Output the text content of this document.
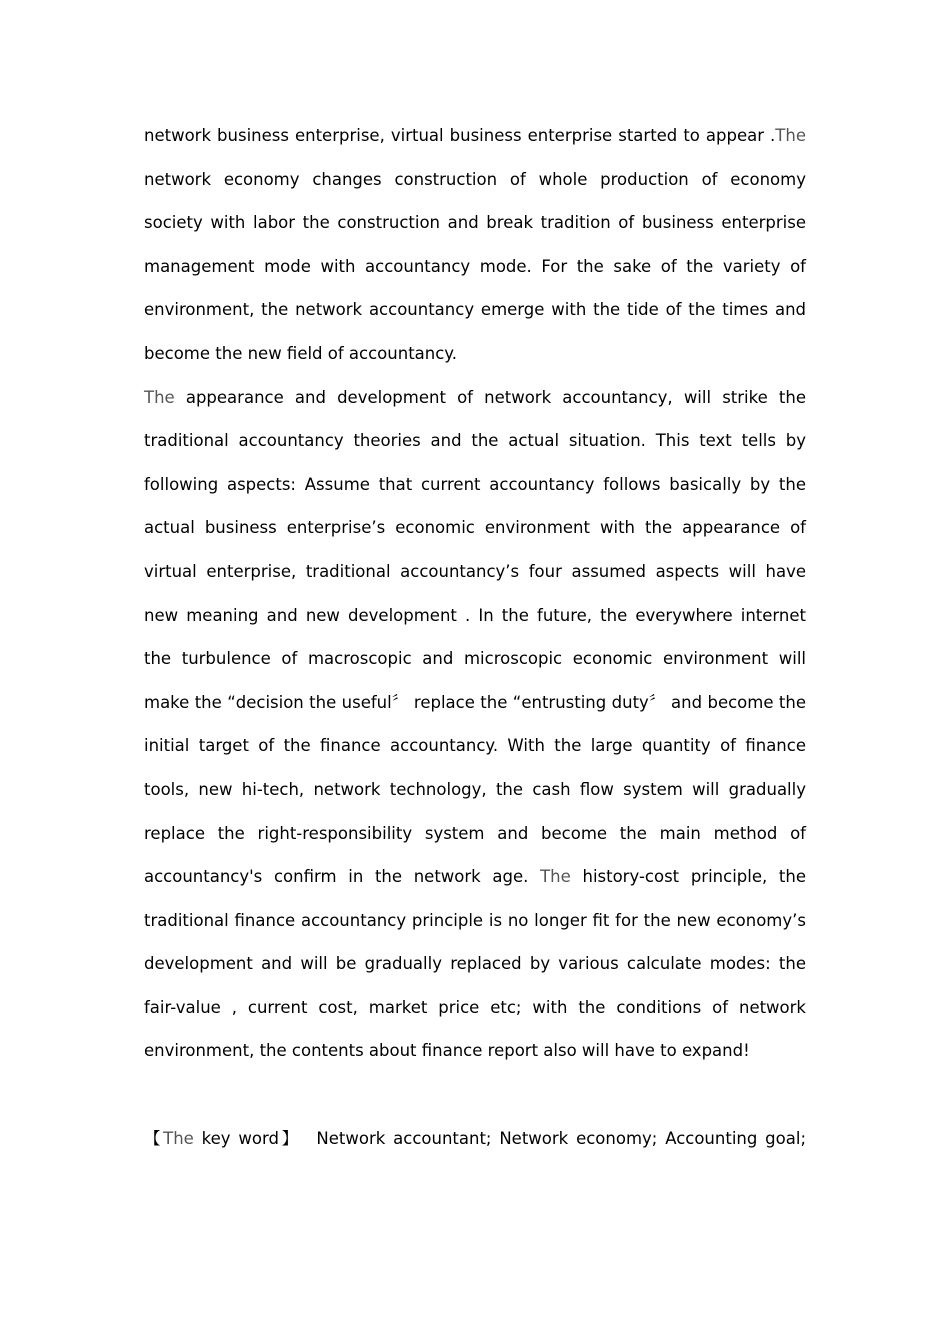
network business enterprise, virtual business enterprise started to appear .The network economy changes construction of whole production of economy society with labor the construction and break tradition of business enterprise management mode with accountancy mode. For the sake of the variety of environment, the network accountancy emerge with the tide of the times and become the new field of accountancy.

The appearance and development of network accountancy, will strike the traditional accountancy theories and the actual situation. This text tells by following aspects: Assume that current accountancy follows basically by the actual business enterprise’s economic environment with the appearance of virtual enterprise, traditional accountancy’s four assumed aspects will have new meaning and new development . In the future, the everywhere internet the turbulence of macroscopic and microscopic economic environment will make the “decision the useful〞 replace the “entrusting duty〞 and become the initial target of the finance accountancy. With the large quantity of finance tools, new hi-tech, network technology, the cash flow system will gradually replace the right-responsibility system and become the main method of accountancy's confirm in the network age. The history-cost principle, the traditional finance accountancy principle is no longer fit for the new economy’s development and will be gradually replaced by various calculate modes: the fair-value , current cost, market price etc; with the conditions of network environment, the contents about finance report also will have to expand!

【The key word】 Network accountant; Network economy; Accounting goal;
